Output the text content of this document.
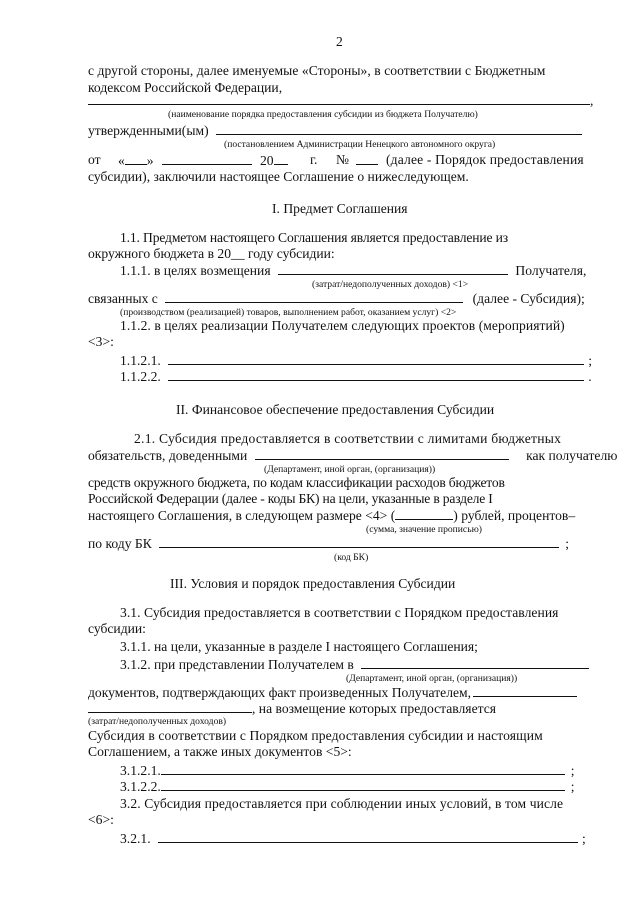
2
с другой стороны, далее именуемые «Стороны», в соответствии с Бюджетным
кодексом Российской Федерации,
,
(наименование порядка предоставления субсидии из бюджета Получателю)
утвержденными(ым)
(постановлением Администрации Ненецкого автономного округа)
от « »	20	г. №	(далее - Порядок предоставления
субсидии), заключили настоящее Соглашение о нижеследующем.
I. Предмет Соглашения
1.1. Предметом настоящего Соглашения является предоставление из
окружного бюджета в 20__ году субсидии:
1.1.1. в целях возмещения	Получателя,
(затрат/недополученных доходов) <1>
связанных с	(далее - Субсидия);
(производством (реализацией) товаров, выполнением работ, оказанием услуг) <2>
1.1.2. в целях реализации Получателем следующих проектов (мероприятий)
<3>:
1.1.2.1.	;
1.1.2.2.	.
II. Финансовое обеспечение предоставления Субсидии
2.1. Субсидия предоставляется в соответствии с лимитами бюджетных
обязательств, доведенными	как получателю
(Департамент, иной орган, (организация))
средств окружного бюджета, по кодам классификации расходов бюджетов
Российской Федерации (далее - коды БК) на цели, указанные в разделе I
настоящего Соглашения, в следующем размере <4> (	) рублей, процентов–
(сумма, значение прописью)
по коду БК	;
(код БК)
III. Условия и порядок предоставления Субсидии
3.1. Субсидия предоставляется в соответствии с Порядком предоставления
субсидии:
3.1.1. на цели, указанные в разделе I настоящего Соглашения;
3.1.2. при представлении Получателем в
(Департамент, иной орган, (организация))
документов, подтверждающих факт произведенных Получателем,
, на возмещение которых предоставляется
(затрат/недополученных доходов)
Субсидия в соответствии с Порядком предоставления субсидии и настоящим
Соглашением, а также иных документов <5>:
3.1.2.1.	;
3.1.2.2.	;
3.2. Субсидия предоставляется при соблюдении иных условий, в том числе
<6>:
3.2.1.	;
